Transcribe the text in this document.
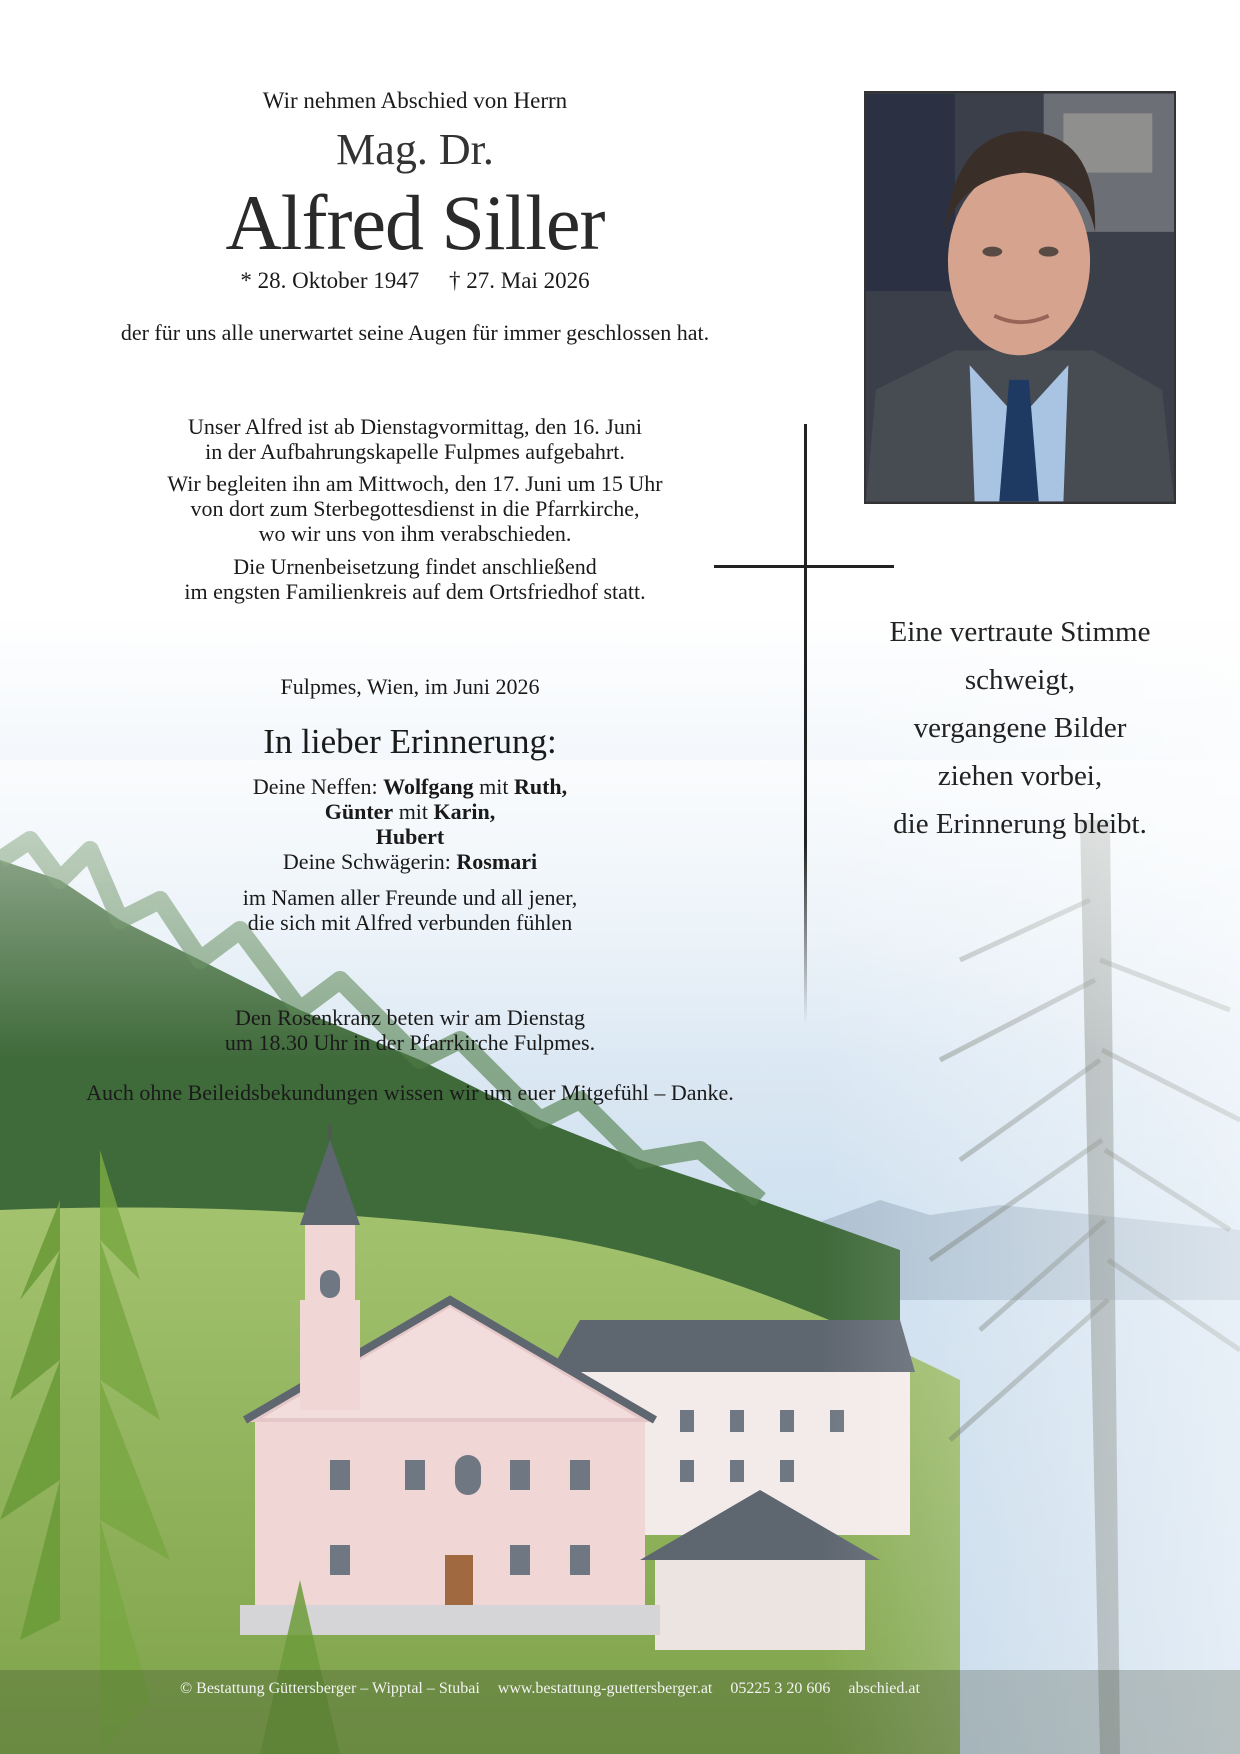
Wir nehmen Abschied von Herrn
Mag. Dr.
Alfred Siller
* 28. Oktober 1947 † 27. Mai 2026
der für uns alle unerwartet seine Augen für immer geschlossen hat.
Unser Alfred ist ab Dienstagvormittag, den 16. Juni
in der Aufbahrungskapelle Fulpmes aufgebahrt.
Wir begleiten ihn am Mittwoch, den 17. Juni um 15 Uhr
von dort zum Sterbegottesdienst in die Pfarrkirche,
wo wir uns von ihm verabschieden.
Die Urnenbeisetzung findet anschließend
im engsten Familienkreis auf dem Ortsfriedhof statt.
Fulpmes, Wien, im Juni 2026
In lieber Erinnerung:
Deine Neffen: Wolfgang mit Ruth,
Günter mit Karin,
Hubert
Deine Schwägerin: Rosmari
im Namen aller Freunde und all jener,
die sich mit Alfred verbunden fühlen
Den Rosenkranz beten wir am Dienstag
um 18.30 Uhr in der Pfarrkirche Fulpmes.
Auch ohne Beileidsbekundungen wissen wir um euer Mitgefühl – Danke.
Eine vertraute Stimme
schweigt,
vergangene Bilder
ziehen vorbei,
die Erinnerung bleibt.
© Bestattung Güttersberger – Wipptal – Stubai www.bestattung-guettersberger.at 05225 3 20 606 abschied.at
